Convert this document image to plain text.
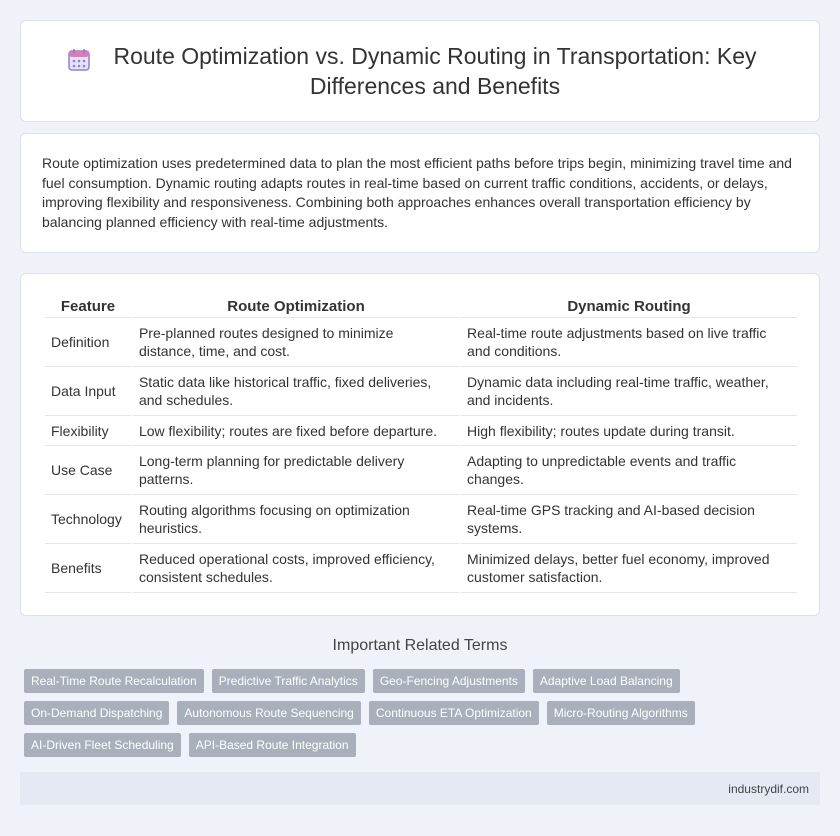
Route Optimization vs. Dynamic Routing in Transportation: Key Differences and Benefits

Route optimization uses predetermined data to plan the most efficient paths before trips begin, minimizing travel time and fuel consumption. Dynamic routing adapts routes in real-time based on current traffic conditions, accidents, or delays, improving flexibility and responsiveness. Combining both approaches enhances overall transportation efficiency by balancing planned efficiency with real-time adjustments.

Feature	Route Optimization	Dynamic Routing
Definition	Pre-planned routes designed to minimize distance, time, and cost.	Real-time route adjustments based on live traffic and conditions.
Data Input	Static data like historical traffic, fixed deliveries, and schedules.	Dynamic data including real-time traffic, weather, and incidents.
Flexibility	Low flexibility; routes are fixed before departure.	High flexibility; routes update during transit.
Use Case	Long-term planning for predictable delivery patterns.	Adapting to unpredictable events and traffic changes.
Technology	Routing algorithms focusing on optimization heuristics.	Real-time GPS tracking and AI-based decision systems.
Benefits	Reduced operational costs, improved efficiency, consistent schedules.	Minimized delays, better fuel economy, improved customer satisfaction.
Important Related Terms
Real-Time Route Recalculation	Predictive Traffic Analytics	Geo-Fencing Adjustments	Adaptive Load Balancing
On-Demand Dispatching	Autonomous Route Sequencing	Continuous ETA Optimization	Micro-Routing Algorithms
AI-Driven Fleet Scheduling	API-Based Route Integration
industrydif.com
